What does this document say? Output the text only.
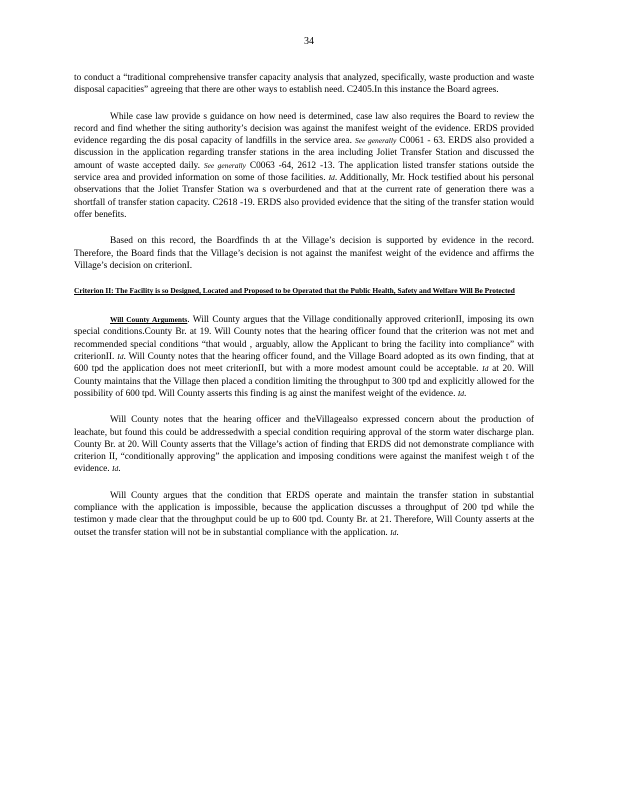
34

to conduct a “traditional comprehensive transfer capacity analysis that analyzed, specifically, waste production and waste disposal capacities” agreeing that there are other ways to establish need. C2405.In this instance the Board agrees.

While case law provide s guidance on how need is determined, case law also requires the Board to review the record and find whether the siting authority’s decision was against the manifest weight of the evidence. ERDS provided evidence regarding the dis posal capacity of landfills in the service area. See generally C0061 - 63. ERDS also provided a discussion in the application regarding transfer stations in the area including Joliet Transfer Station and discussed the amount of waste accepted daily. See generally C0063 -64, 2612 -13. The application listed transfer stations outside the service area and provided information on some of those facilities. Id. Additionally, Mr. Hock testified about his personal observations that the Joliet Transfer Station wa s overburdened and that at the current rate of generation there was a shortfall of transfer station capacity. C2618 -19. ERDS also provided evidence that the siting of the transfer station would offer benefits.

Based on this record, the Boardfinds th at the Village’s decision is supported by evidence in the record. Therefore, the Board finds that the Village’s decision is not against the manifest weight of the evidence and affirms the Village’s decision on criterionI.

Criterion II: The Facility is so Designed, Located and Proposed to be Operated that the Public Health, Safety and Welfare Will Be Protected

Will County Arguments. Will County argues that the Village conditionally approved criterionII, imposing its own special conditions.County Br. at 19. Will County notes that the hearing officer found that the criterion was not met and recommended special conditions “that would , arguably, allow the Applicant to bring the facility into compliance” with criterionII. Id. Will County notes that the hearing officer found, and the Village Board adopted as its own finding, that at 600 tpd the application does not meet criterionII, but with a more modest amount could be acceptable. Id at 20. Will County maintains that the Village then placed a condition limiting the throughput to 300 tpd and explicitly allowed for the possibility of 600 tpd. Will County asserts this finding is ag ainst the manifest weight of the evidence. Id.

Will County notes that the hearing officer and theVillagealso expressed concern about the production of leachate, but found this could be addressedwith a special condition requiring approval of the storm water discharge plan. County Br. at 20. Will County asserts that the Village’s action of finding that ERDS did not demonstrate compliance with criterion II, “conditionally approving” the application and imposing conditions were against the manifest weigh t of the evidence. Id.

Will County argues that the condition that ERDS operate and maintain the transfer station in substantial compliance with the application is impossible, because the application discusses a throughput of 200 tpd while the testimon y made clear that the throughput could be up to 600 tpd. County Br. at 21. Therefore, Will County asserts at the outset the transfer station will not be in substantial compliance with the application. Id.
